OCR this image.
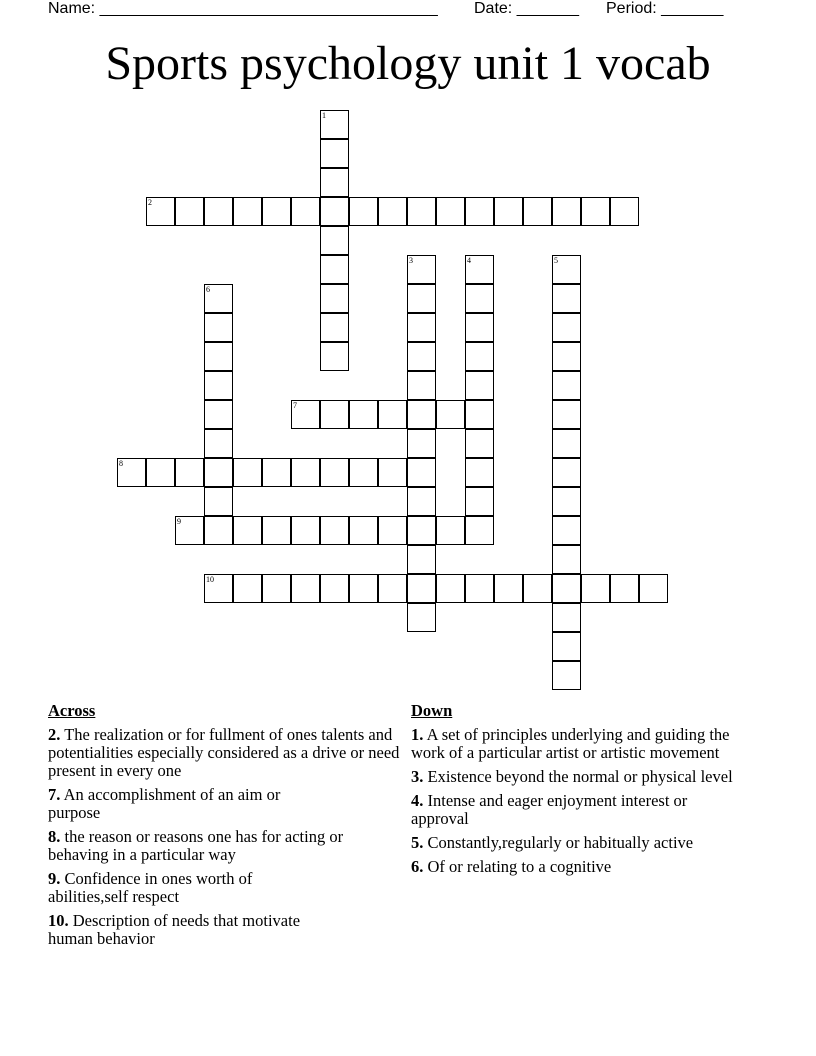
Name: ______________________________________ Date: _______ Period: _______
Sports psychology unit 1 vocab
1
2
3	4	5
6
7
8
9
10
Across
2. The realization or for fullment of ones talents and potentialities especially considered as a drive or need present in every one
7. An accomplishment of an aim or purpose
8. the reason or reasons one has for acting or behaving in a particular way
9. Confidence in ones worth of abilities,self respect
10. Description of needs that motivate human behavior
Down
1. A set of principles underlying and guiding the work of a particular artist or artistic movement
3. Existence beyond the normal or physical level
4. Intense and eager enjoyment interest or approval
5. Constantly,regularly or habitually active
6. Of or relating to a cognitive
